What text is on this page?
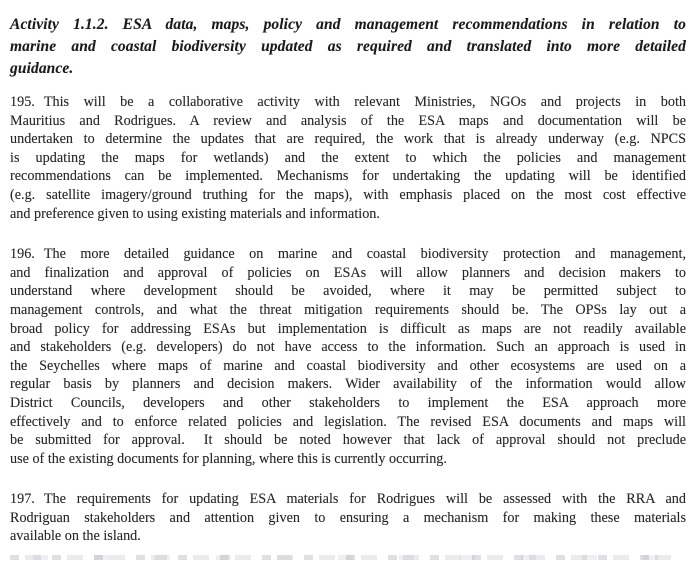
Activity 1.1.2. ESA data, maps, policy and management recommendations in relation to
marine and coastal biodiversity updated as required and translated into more detailed
guidance.
195. This will be a collaborative activity with relevant Ministries, NGOs and projects in both
Mauritius and Rodrigues. A review and analysis of the ESA maps and documentation will be
undertaken to determine the updates that are required, the work that is already underway (e.g. NPCS
is updating the maps for wetlands) and the extent to which the policies and management
recommendations can be implemented. Mechanisms for undertaking the updating will be identified
(e.g. satellite imagery/ground truthing for the maps), with emphasis placed on the most cost effective
and preference given to using existing materials and information.
196. The more detailed guidance on marine and coastal biodiversity protection and management,
and finalization and approval of policies on ESAs will allow planners and decision makers to
understand where development should be avoided, where it may be permitted subject to
management controls, and what the threat mitigation requirements should be. The OPSs lay out a
broad policy for addressing ESAs but implementation is difficult as maps are not readily available
and stakeholders (e.g. developers) do not have access to the information. Such an approach is used in
the Seychelles where maps of marine and coastal biodiversity and other ecosystems are used on a
regular basis by planners and decision makers. Wider availability of the information would allow
District Councils, developers and other stakeholders to implement the ESA approach more
effectively and to enforce related policies and legislation. The revised ESA documents and maps will
be submitted for approval.  It should be noted however that lack of approval should not preclude
use of the existing documents for planning, where this is currently occurring.
197. The requirements for updating ESA materials for Rodrigues will be assessed with the RRA and
Rodriguan stakeholders and attention given to ensuring a mechanism for making these materials
available on the island.
